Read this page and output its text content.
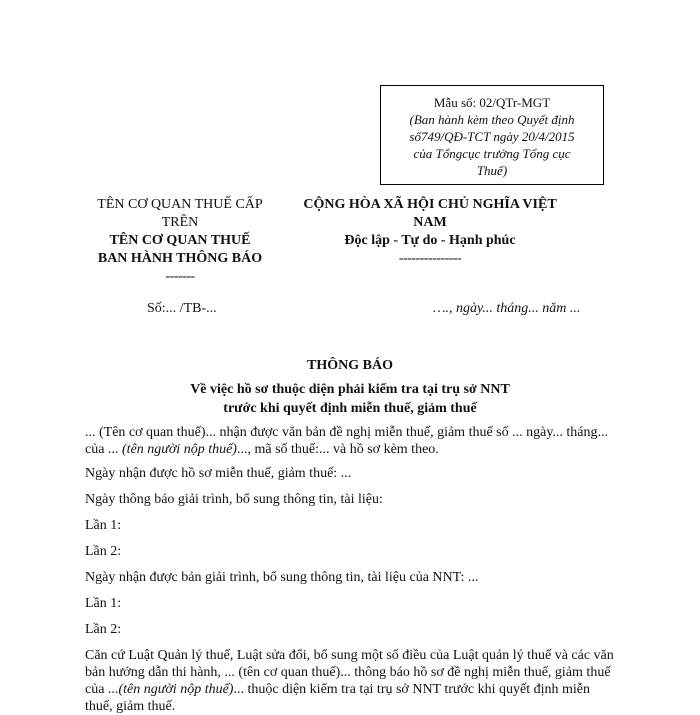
Mẫu số: 02/QTr-MGT
(Ban hành kèm theo Quyết định
số749/QĐ-TCT ngày 20/4/2015
của Tổngcục trưởng Tổng cục
Thuế)
TÊN CƠ QUAN THUẾ CẤP
TRÊN
TÊN CƠ QUAN THUẾ
BAN HÀNH THÔNG BÁO
-------
CỘNG HÒA XÃ HỘI CHỦ NGHĨA VIỆT
NAM
Độc lập - Tự do - Hạnh phúc
---------------
Số:... /TB-...	…., ngày... tháng... năm ...
THÔNG BÁO
Về việc hồ sơ thuộc diện phải kiểm tra tại trụ sở NNT
trước khi quyết định miễn thuế, giảm thuế

... (Tên cơ quan thuế)... nhận được văn bản đề nghị miễn thuế, giảm thuế số ... ngày... tháng... của ... (tên người nộp thuế)..., mã số thuế:... và hồ sơ kèm theo.

Ngày nhận được hồ sơ miễn thuế, giảm thuế: ...

Ngày thông báo giải trình, bổ sung thông tin, tài liệu:

Lần 1:

Lần 2:

Ngày nhận được bản giải trình, bổ sung thông tin, tài liệu của NNT: ...

Lần 1:

Lần 2:

Căn cứ Luật Quản lý thuế, Luật sửa đổi, bổ sung một số điều của Luật quản lý thuế và các văn bản hướng dẫn thi hành, ... (tên cơ quan thuế)... thông báo hồ sơ đề nghị miễn thuế, giảm thuế của ...(tên người nộp thuế)... thuộc diện kiểm tra tại trụ sở NNT trước khi quyết định miễn thuế, giảm thuế.
